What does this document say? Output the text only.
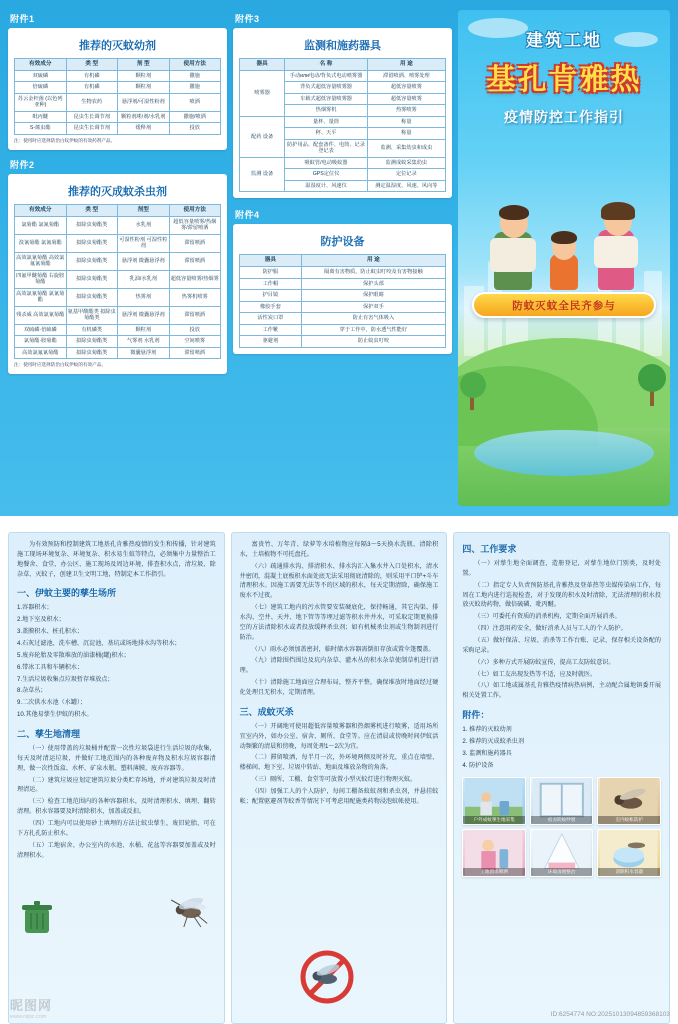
附件1
推荐的灭蚊幼剂
有效成分	类 型	剂 型	使用方法
双硫磷	有机磷	颗粒剂	撒施
倍硫磷	有机磷	颗粒剂	撒施
苏云金杆菌 (以色列亚种)	生物农药	悬浮剂/可湿性粉剂	喷洒
吡丙醚	昆虫生长调节剂	颗粒剂/粉剂/水乳剂	撒施/喷洒
S-烯虫酯	昆虫生长调节剂	缓释剂	投放
注：使用时应选择防治白纹伊蚊的有效药剂产品。
附件2
推荐的灭成蚊杀虫剂
有效成分	类 型	剂型	使用方法
氯菊酯 氯氰菊酯	拟除虫菊酯类	水乳剂	超低容量喷雾/热烟雾/滞留喷洒
溴氰菊酯 氯氰菊酯	拟除虫菊酯类	可湿性粉剂 可湿性粒剂	滞留喷洒
高效氯氰菊酯 高效氯氟氰菊酯	拟除虫菊酯类	悬浮剂 微囊悬浮剂	滞留喷洒
四氟甲醚菊酯 右旋胺菊酯	拟除虫菊酯类	乳油/水乳剂	超低容量喷雾/热烟雾
高效氯氰菊酯 氯氰菊酯	拟除虫菊酯类	热雾剂	热雾机喷雾
残杀威 高效氯氰菊酯	氨基甲酸酯类 拟除虫菊酯类	悬浮剂 微囊悬浮剂	滞留喷洒
双硫磷·倍硫磷	有机磷类	颗粒剂	投放
氯菊酯·胺菊酯	拟除虫菊酯类	气雾剂 水乳剂	空间喷雾
高效氯氟氰菊酯	拟除虫菊酯类	微囊悬浮剂	滞留喷洒
注：使用时应选择防治白纹伊蚊的有效产品。
附件3
监测和施药器具
器具	名 称	用 途
喷雾器	手动или电动/背负式电动喷雾器	滞留喷洒、喷雾处理
	背负式超低容量喷雾器	超低容量喷雾
	车载式超低容量喷雾器	超低容量喷雾
	热烟雾机	热雾喷雾
配药 设备	量杯、量筒	称量
	秤、天平	称量
	防护用品、配套备件、电筒、记录登记表	监测、采集幼虫和成虫
监测 设备	吸蚊管/电动吸蚊器	监测成蚊采集幼虫
	GPS定位仪	定位记录
	温湿度计、风速仪	测定温湿度、风速、风向等
附件4
防护设备
器具	用 途
防护服	隔离有害物质，防止蚊虫叮咬及有害物接触
工作帽	保护头部
护目镜	保护眼睛
橡胶手套	保护双手
活性炭口罩	防止有害气体吸入
工作靴	穿于工作中，防水透气性能好
驱避剂	防止蚊虫叮咬
建筑工地
基孔肯雅热
疫情防控工作指引
防蚊灭蚊全民齐参与
为有效预防和控制建筑工地基孔肯雅热疫情的发生和传播，针对建筑施工现场环境复杂、环境复杂、积水易生蚊等特点，必须集中力量整治工地餐舍、食堂、办公区、施工现场及周边环境，排查积水点，清垃圾、除杂草、灭蚊子，创建卫生文明工地，特制定本工作指引。
一、伊蚊主要的孳生场所
1.容器积水；
2.地下室及积水；
3.盖膜积水、桩孔积水；
4.石灰过滤池、洗车槽、沉淀池、基坑或场地排水沟等积水；
5.废弃轮胎及零散堆放的油漆桶(罐)积水；
6.带冰工具和车辆积水；
7.生活垃圾收集点垃圾暂存堆放点；
8.杂草丛；
9.二次供水水池（水罐）；
10.其他易孳生伊蚊的积水。
二、孳生地清理
（一）使用带盖的垃圾桶并配置一次性垃圾袋进行生活垃圾的收集，每天及时清运垃圾，并做好工地范围内的各种废弃物及积水垃圾容器清理，做一次性饭盒、水杯、矿泉水瓶、塑料薄膜、废弃容器等。
（二）建筑垃圾应划定建筑垃圾分类贮存场地，并对建筑垃圾及时清理清运。
（三）检查工地范围内的各种容器积水，及时清理积水、填埋、翻转清理。积水容器要及时清除积水，加盖或反扣。
（四）工地内可以使用砂土填埋的方法让蚊虫孳生，废旧轮胎，可在下方扎孔防止积水。
（五）工地宿舍、办公室内的水池、水桶、花盆等容器要加盖或及时清理积水。
富贵竹、万年青、绿萝等水培植物应每隔3～5天换水洗瓶、清除积水，土培植物不可托盘托。
（六）疏通排水沟、排清积水、排水沟汇入集水井入口处积水，清水井密闭，混凝土底板积水面处底无法采用彻底清除的，则采用平口铲+斗车清理积水。因施工需要无法等不的区域的积水，每天定期清除，确保施工废水不过夜。
（七）建筑工地内的污水管要安装硬底化，保持畅通，其它沟渠、排水沟、空井、天井、地下管等等埋过滤等积水井井水，可采取定期更换排空的方法清除积水或者投放缓释杀虫剂；如有机械杀虫剂或生物制剂进行防治。
（八）雨水必须加盖密封，临时储水容器需倒扣存放或置伞篷覆盖。
（九）清除围挡围边及坑内杂草、灌木丛的积水杂草使制草机进行清理。
（十）清除施工地面应合理布局，整齐平整，确保堆放时地面经过硬化处理且无积水，定期清理。
三、成蚊灭杀
（一）开阔地可使用超低容量喷雾器和热烟雾机进行喷雾，适用场所宜室内外，如办公室、宿舍、厕所、食堂等。应在清晨或傍晚时间伊蚊活动频繁的清晨和傍晚，每周处理1～2次为宜。
（二）滞留喷洒，每半月一次，外环境两侧及时补充，重点在墙壁、楼梯间、地下室、垃圾中转站、地面及堆放杂物的角落。
（三）厕所、工棚、食堂等可放置小型灭蚊灯进行物理灭蚊。
（四）加强工人的个人防护，每间工棚备蚊蚊剂和杀虫剂，并悬挂蚊帐；配置驱避剂等蚊香等情况下可考虑用配施类药物浸泡蚊帐使用。
四、工作要求
（一）对孳生地全面调查，造册登记，对孳生地位门别类，及时处置。
（二）指定专人负责预防基孔肯雅热及登革热等虫媒传染病工作，每周在工地内进行巡视检查，对于发现的积水及时清除，无法清理的积水投放灭蚊幼药物，做倍硫磷、吡丙醚。
（三）可委托有资质的消杀机构，定期全面开展消杀。
（四）注意用药安全，做好消杀人员与工人的个人防护。
（五）做好保洁、垃圾、消杀等工作台账、记录，保存相关设备配的采购记录。
（六）多种方式开展防蚊宣传，提高工友防蚊意识。
（七）如工友出现发热等不适，应及时就医。
（八）如工地或属基孔肯雅热疫情病热病例，主动配合属地镇委开展相关处置工作。
附件：
1. 推荐的灭蚊幼剂
2. 推荐的灭成蚊杀虫剂
3. 监测和施药器具
4. 防护设备
户外成蚊孳生地采集	宿舍防蚊纱窗	室内蚊帐防护
工地消杀喷洒	环境清理整治	清除积水容器
昵图网
www.nipic.com	ID:6254774 NO:20251013094859368103
